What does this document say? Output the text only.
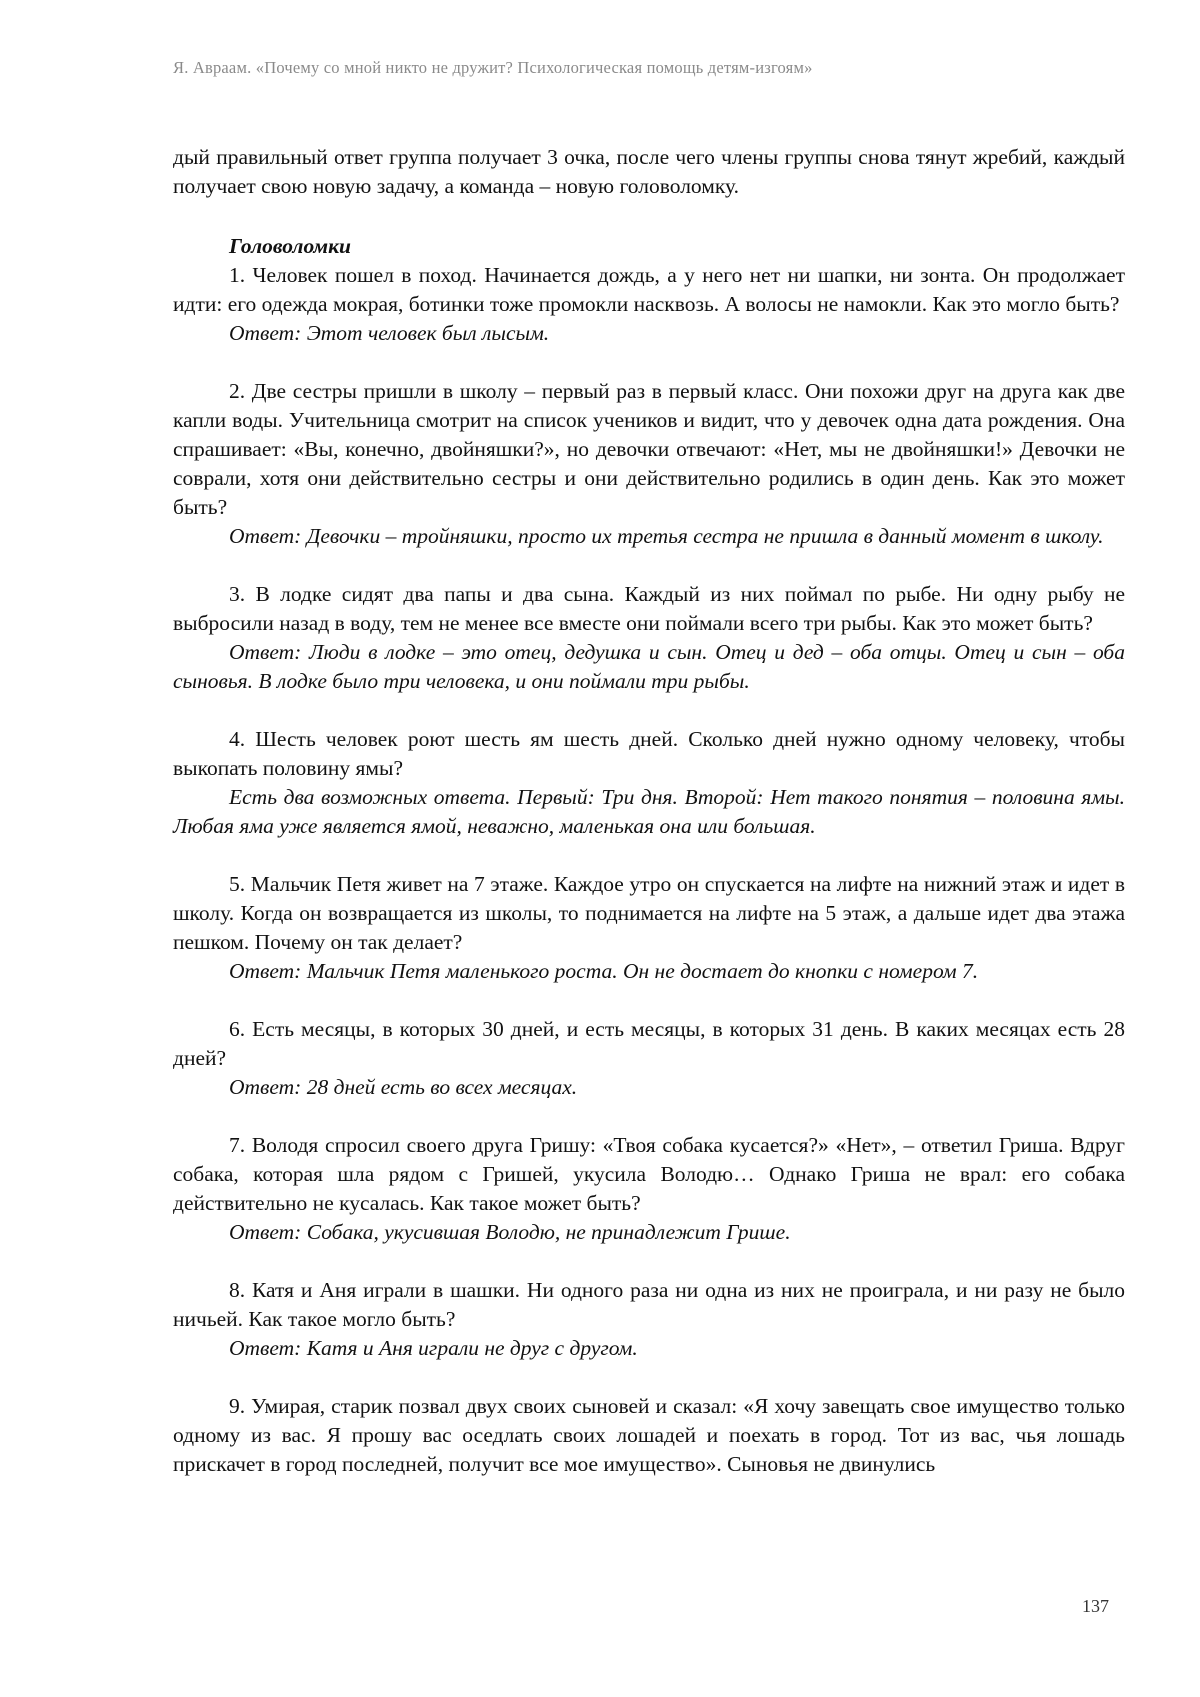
Я. Авраам. «Почему со мной никто не дружит? Психологическая помощь детям-изгоям»

дый правильный ответ группа получает 3 очка, после чего члены группы снова тянут жребий, каждый получает свою новую задачу, а команда – новую головоломку.

Головоломки

1. Человек пошел в поход. Начинается дождь, а у него нет ни шапки, ни зонта. Он продолжает идти: его одежда мокрая, ботинки тоже промокли насквозь. А волосы не намокли. Как это могло быть?

Ответ: Этот человек был лысым.

2. Две сестры пришли в школу – первый раз в первый класс. Они похожи друг на друга как две капли воды. Учительница смотрит на список учеников и видит, что у девочек одна дата рождения. Она спрашивает: «Вы, конечно, двойняшки?», но девочки отвечают: «Нет, мы не двойняшки!» Девочки не соврали, хотя они действительно сестры и они действительно родились в один день. Как это может быть?

Ответ: Девочки – тройняшки, просто их третья сестра не пришла в данный момент в школу.

3. В лодке сидят два папы и два сына. Каждый из них поймал по рыбе. Ни одну рыбу не выбросили назад в воду, тем не менее все вместе они поймали всего три рыбы. Как это может быть?

Ответ: Люди в лодке – это отец, дедушка и сын. Отец и дед – оба отцы. Отец и сын – оба сыновья. В лодке было три человека, и они поймали три рыбы.

4. Шесть человек роют шесть ям шесть дней. Сколько дней нужно одному человеку, чтобы выкопать половину ямы?

Есть два возможных ответа. Первый: Три дня. Второй: Нет такого понятия – половина ямы. Любая яма уже является ямой, неважно, маленькая она или большая.

5. Мальчик Петя живет на 7 этаже. Каждое утро он спускается на лифте на нижний этаж и идет в школу. Когда он возвращается из школы, то поднимается на лифте на 5 этаж, а дальше идет два этажа пешком. Почему он так делает?

Ответ: Мальчик Петя маленького роста. Он не достает до кнопки с номером 7.

6. Есть месяцы, в которых 30 дней, и есть месяцы, в которых 31 день. В каких месяцах есть 28 дней?

Ответ: 28 дней есть во всех месяцах.

7. Володя спросил своего друга Гришу: «Твоя собака кусается?» «Нет», – ответил Гриша. Вдруг собака, которая шла рядом с Гришей, укусила Володю… Однако Гриша не врал: его собака действительно не кусалась. Как такое может быть?

Ответ: Собака, укусившая Володю, не принадлежит Грише.

8. Катя и Аня играли в шашки. Ни одного раза ни одна из них не проиграла, и ни разу не было ничьей. Как такое могло быть?

Ответ: Катя и Аня играли не друг с другом.

9. Умирая, старик позвал двух своих сыновей и сказал: «Я хочу завещать свое имущество только одному из вас. Я прошу вас оседлать своих лошадей и поехать в город. Тот из вас, чья лошадь прискачет в город последней, получит все мое имущество». Сыновья не двинулись

137
